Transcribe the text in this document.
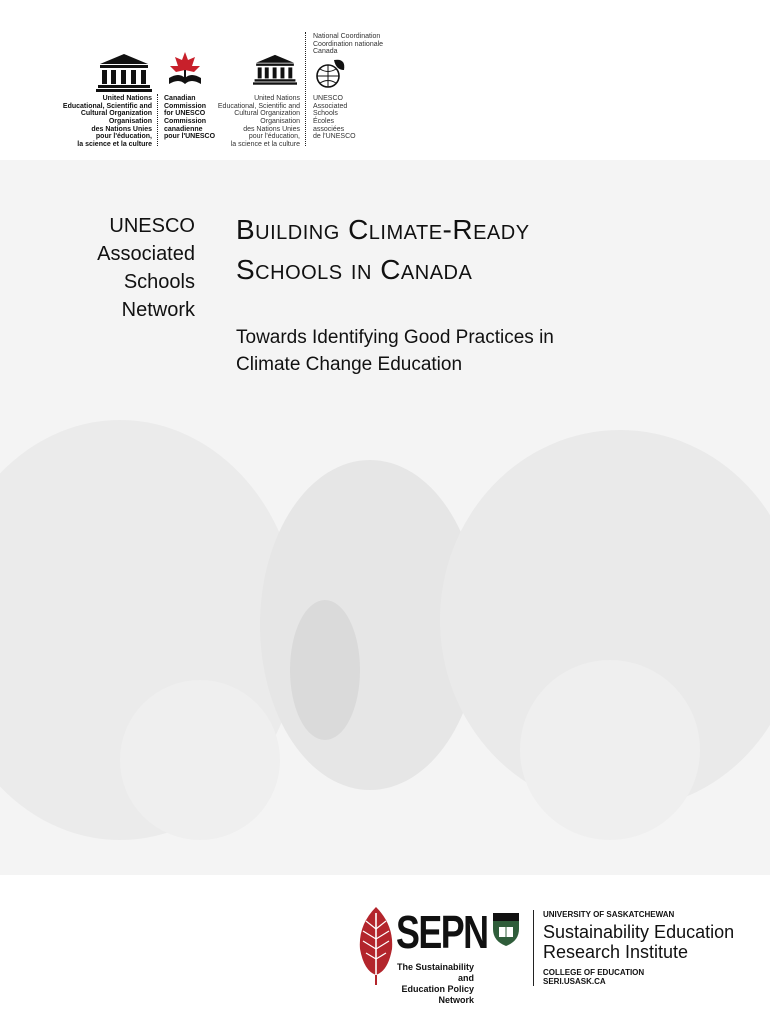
United Nations
Educational, Scientific and
Cultural Organization
Organisation
des Nations Unies
pour l'éducation,
la science et la culture
Canadian
Commission
for UNESCO
Commission
canadienne
pour l'UNESCO
United Nations
Educational, Scientific and
Cultural Organization
Organisation
des Nations Unies
pour l'éducation,
la science et la culture
National Coordination
Coordination nationale
Canada
UNESCO
Associated
Schools
Écoles
associées
de l'UNESCO
UNESCO
Associated
Schools
Network
Building Climate-Ready
Schools in Canada
Towards Identifying Good Practices in
Climate Change Education
SEPN
The Sustainability and
Education Policy Network
UNIVERSITY OF SASKATCHEWAN
Sustainability Education
Research Institute
COLLEGE OF EDUCATION
SERI.USASK.CA
